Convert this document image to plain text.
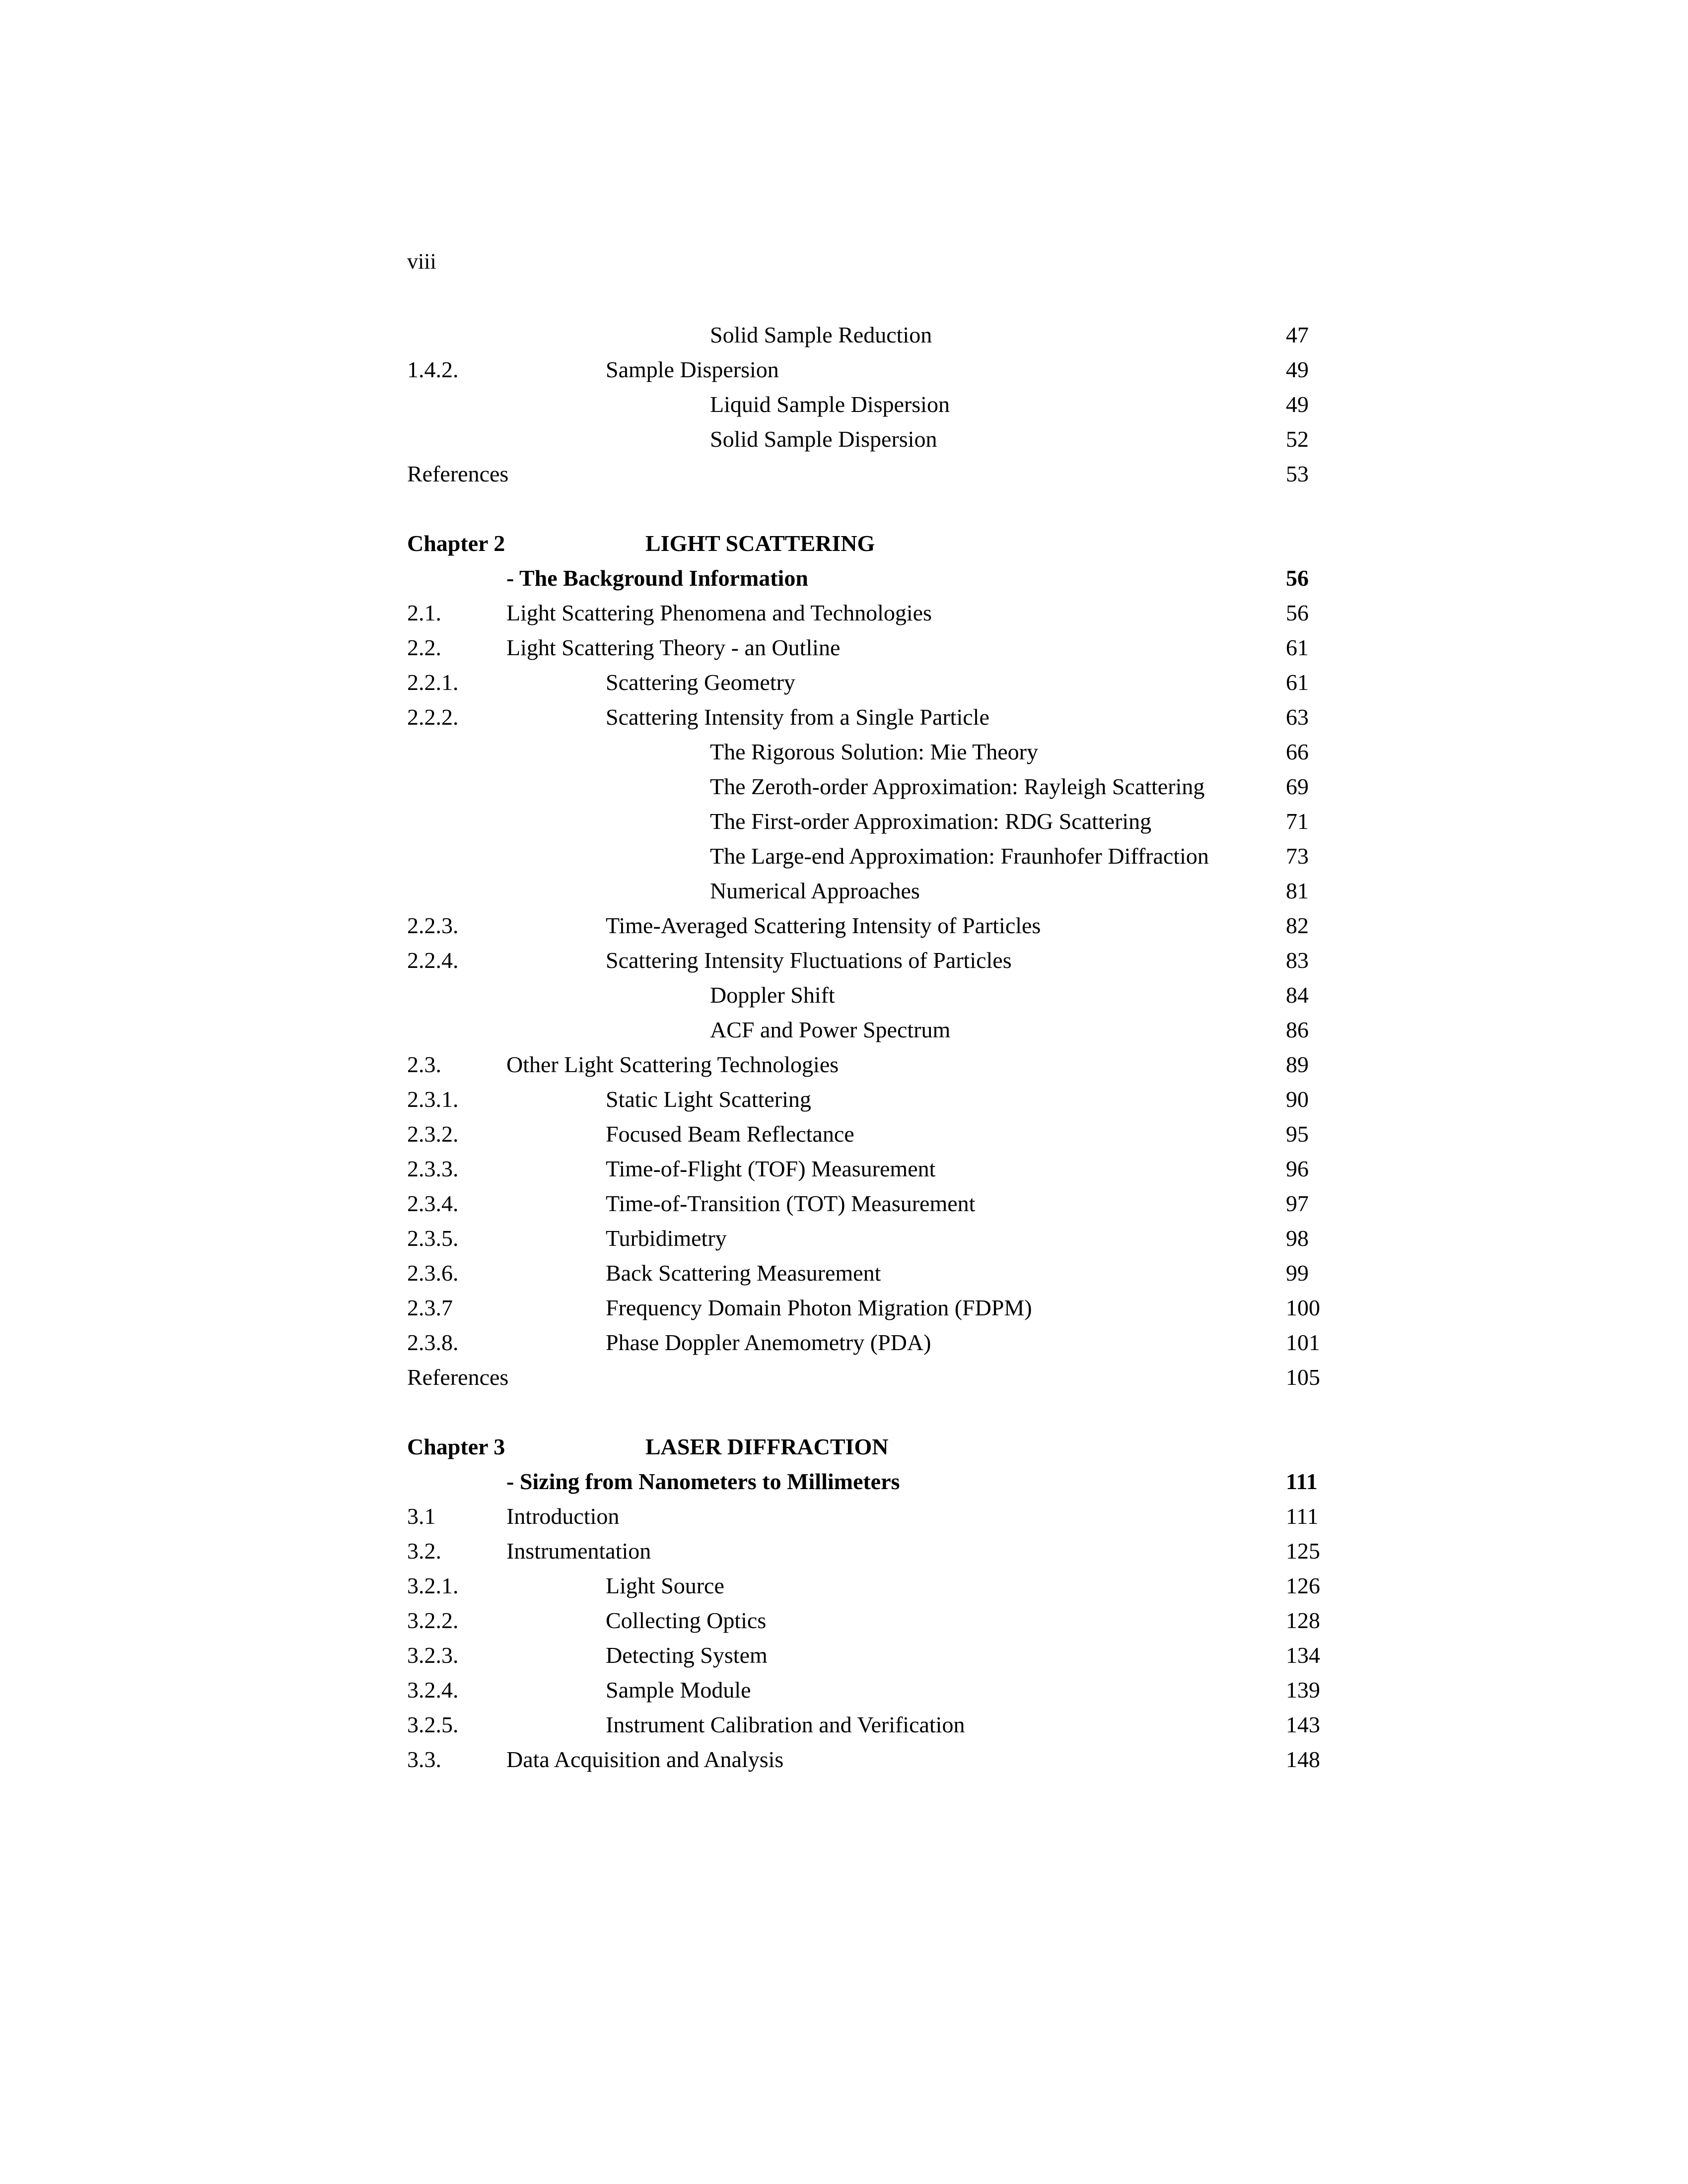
viii
Solid Sample Reduction	47
1.4.2.	Sample Dispersion	49
Liquid Sample Dispersion	49
Solid Sample Dispersion	52
References	53
Chapter 2	LIGHT SCATTERING
- The Background Information	56
2.1.	Light Scattering Phenomena and Technologies	56
2.2.	Light Scattering Theory - an Outline	61
2.2.1.	Scattering Geometry	61
2.2.2.	Scattering Intensity from a Single Particle	63
The Rigorous Solution: Mie Theory	66
The Zeroth-order Approximation: Rayleigh Scattering	69
The First-order Approximation: RDG Scattering	71
The Large-end Approximation: Fraunhofer Diffraction	73
Numerical Approaches	81
2.2.3.	Time-Averaged Scattering Intensity of Particles	82
2.2.4.	Scattering Intensity Fluctuations of Particles	83
Doppler Shift	84
ACF and Power Spectrum	86
2.3.	Other Light Scattering Technologies	89
2.3.1.	Static Light Scattering	90
2.3.2.	Focused Beam Reflectance	95
2.3.3.	Time-of-Flight (TOF) Measurement	96
2.3.4.	Time-of-Transition (TOT) Measurement	97
2.3.5.	Turbidimetry	98
2.3.6.	Back Scattering Measurement	99
2.3.7	Frequency Domain Photon Migration (FDPM)	100
2.3.8.	Phase Doppler Anemometry (PDA)	101
References	105
Chapter 3	LASER DIFFRACTION
- Sizing from Nanometers to Millimeters	111
3.1	Introduction	111
3.2.	Instrumentation	125
3.2.1.	Light Source	126
3.2.2.	Collecting Optics	128
3.2.3.	Detecting System	134
3.2.4.	Sample Module	139
3.2.5.	Instrument Calibration and Verification	143
3.3.	Data Acquisition and Analysis	148
